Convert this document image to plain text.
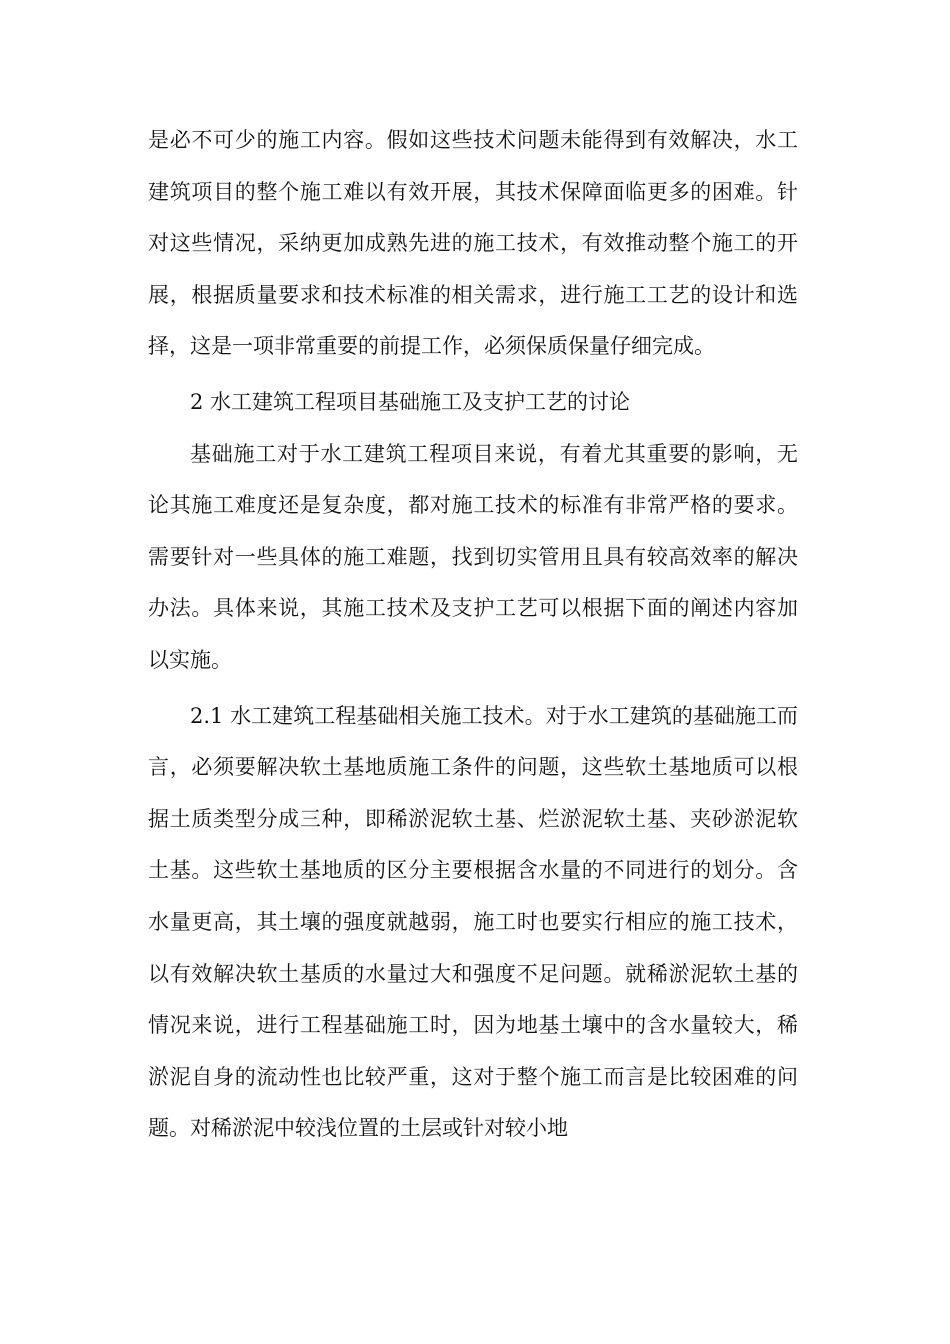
是必不可少的施工内容。假如这些技术问题未能得到有效解决，水工建筑项目的整个施工难以有效开展，其技术保障面临更多的困难。针对这些情况，采纳更加成熟先进的施工技术，有效推动整个施工的开展，根据质量要求和技术标准的相关需求，进行施工工艺的设计和选择，这是一项非常重要的前提工作，必须保质保量仔细完成。

2 水工建筑工程项目基础施工及支护工艺的讨论

基础施工对于水工建筑工程项目来说，有着尤其重要的影响，无论其施工难度还是复杂度，都对施工技术的标准有非常严格的要求。需要针对一些具体的施工难题，找到切实管用且具有较高效率的解决办法。具体来说，其施工技术及支护工艺可以根据下面的阐述内容加以实施。

2.1 水工建筑工程基础相关施工技术。对于水工建筑的基础施工而言，必须要解决软土基地质施工条件的问题，这些软土基地质可以根据土质类型分成三种，即稀淤泥软土基、烂淤泥软土基、夹砂淤泥软土基。这些软土基地质的区分主要根据含水量的不同进行的划分。含水量更高，其土壤的强度就越弱，施工时也要实行相应的施工技术，以有效解决软土基质的水量过大和强度不足问题。就稀淤泥软土基的情况来说，进行工程基础施工时，因为地基土壤中的含水量较大，稀淤泥自身的流动性也比较严重，这对于整个施工而言是比较困难的问题。对稀淤泥中较浅位置的土层或针对较小地
